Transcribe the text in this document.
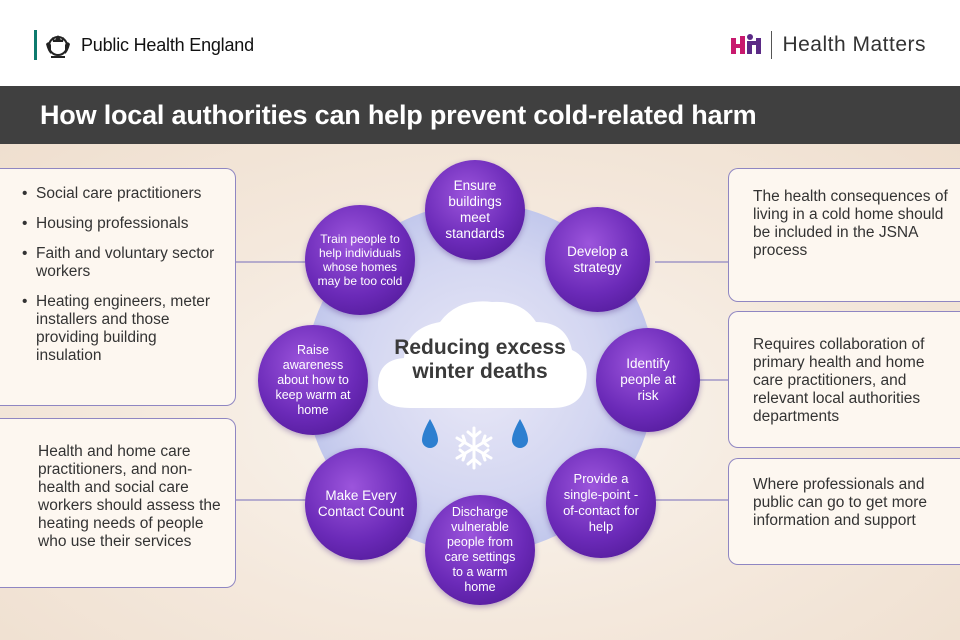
Public Health England	Health Matters
How local authorities can help prevent cold-related harm
Reducing excess winter deaths
Ensure buildings meet standards
Develop a strategy
Identify people at risk
Provide a single-point -of-contact for help
Discharge vulnerable people from care settings to a warm home
Make Every Contact Count
Raise awareness about how to keep warm at home
Train people to help individuals whose homes may be too cold
• Social care practitioners
• Housing professionals
• Faith and voluntary sector workers
• Heating engineers, meter installers and those providing building insulation

Health and home care practitioners, and non-health and social care workers should assess the heating needs of people who use their services

The health consequences of living in a cold home should be included in the JSNA process

Requires collaboration of primary health and home care practitioners, and relevant local authorities departments

Where professionals and public can go to get more information and support
